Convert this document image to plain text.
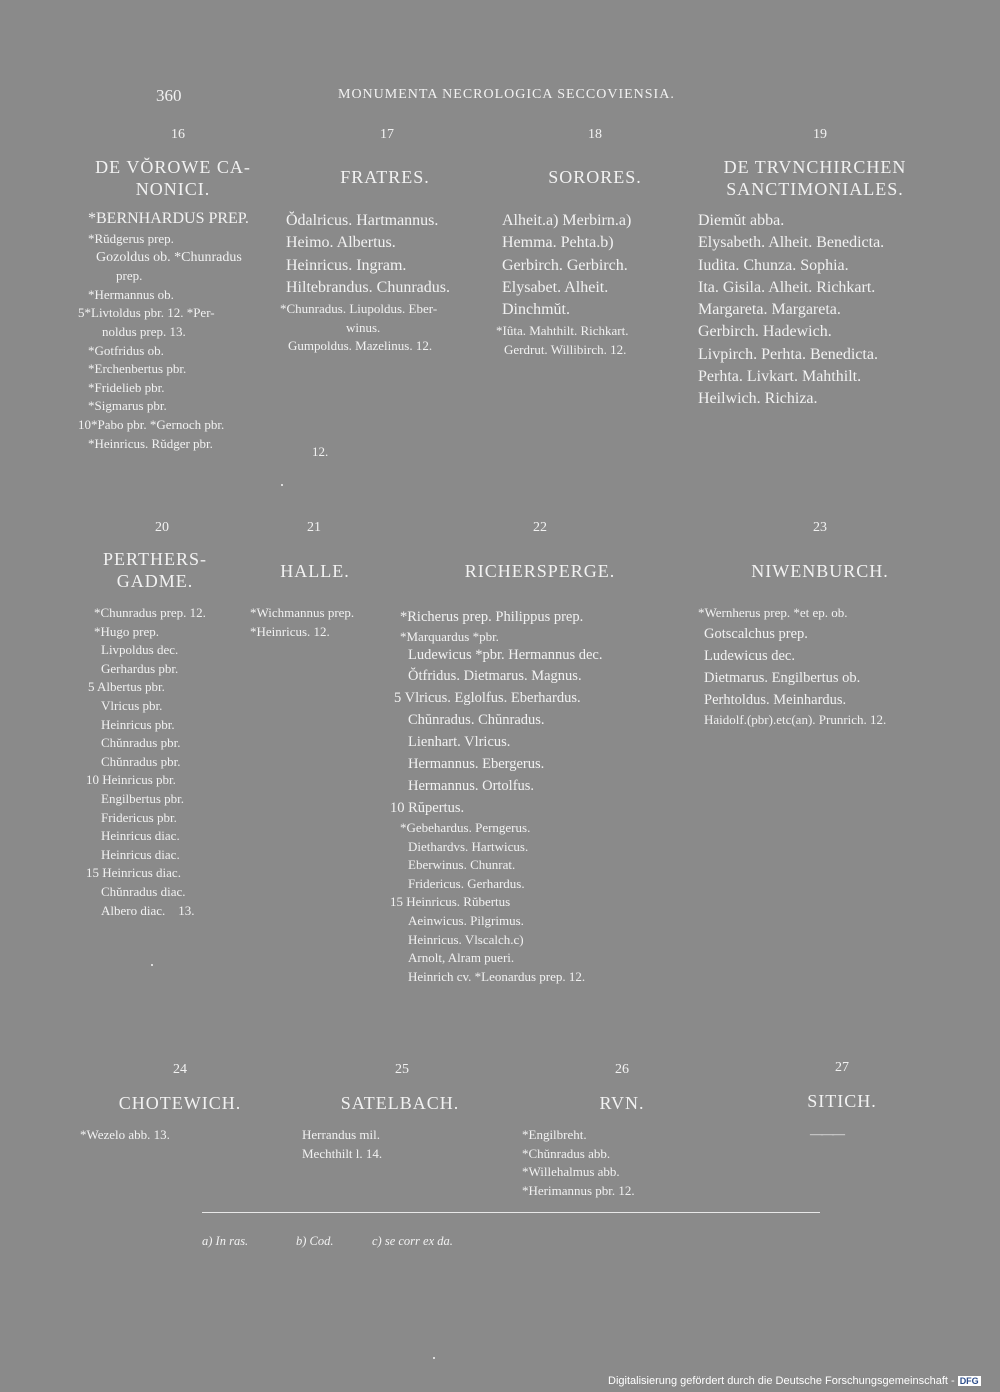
360	MONUMENTA NECROLOGICA SECCOVIENSIA.
16	17	18	19
DE VŎROWE CA-NONICI.
FRATRES.	SORORES.	DE TRVNCHIRCHEN SANCTIMONIALES.
*BERNHARDUS PREP.
*Rŭdgerus prep.
Gozoldus ob. *Chunradus
prep.
*Hermannus ob.
5*Livtoldus pbr. 12. *Per-
noldus prep. 13.
*Gotfridus ob.
*Erchenbertus pbr.
*Fridelieb pbr.
*Sigmarus pbr.
10*Pabo pbr. *Gernoch pbr.
*Heinricus. Rŭdger pbr.
Ŏdalricus. Hartmannus.
Heimo. Albertus.
Heinricus. Ingram.
Hiltebrandus. Chunradus.
*Chunradus. Liupoldus. Eber-
winus.
Gumpoldus. Mazelinus. 12.
12.
Alheit.a) Merbirn.a)
Hemma. Pehta.b)
Gerbirch. Gerbirch.
Elysabet. Alheit.
Dinchmŭt.
*Iûta. Mahthilt. Richkart.
Gerdrut. Willibirch. 12.
Diemŭt abba.
Elysabeth. Alheit. Benedicta.
Iudita. Chunza. Sophia.
Ita. Gisila. Alheit. Richkart.
Margareta. Margareta.
Gerbirch. Hadewich.
Livpirch. Perhta. Benedicta.
Perhta. Livkart. Mahthilt.
Heilwich. Richiza.
20	21	22	23
PERTHERS-GADME.	HALLE.	RICHERSPERGE.	NIWENBURCH.
*Chunradus prep. 12.
*Hugo prep.
Livpoldus dec.
Gerhardus pbr.
5 Albertus pbr.
Vlricus pbr.
Heinricus pbr.
Chŭnradus pbr.
Chŭnradus pbr.
10 Heinricus pbr.
Engilbertus pbr.
Fridericus pbr.
Heinricus diac.
Heinricus diac.
15 Heinricus diac.
Chŭnradus diac.
Albero diac.    13.
*Wichmannus prep.
*Heinricus. 12.
*Richerus prep. Philippus prep.
*Marquardus *pbr.
Ludewicus *pbr. Hermannus dec.
Ŏtfridus. Dietmarus. Magnus.
5 Vlricus. Eglolfus. Eberhardus.
Chŭnradus. Chŭnradus.
Lienhart. Vlricus.
Hermannus. Ebergerus.
Hermannus. Ortolfus.
10 Rŭpertus.
*Gebehardus. Perngerus.
Diethardvs. Hartwicus.
Eberwinus. Chunrat.
Fridericus. Gerhardus.
15 Heinricus. Rŭbertus
Aeinwicus. Pilgrimus.
Heinricus. Vlscalch.c)
Arnolt, Alram pueri.
Heinrich cv. *Leonardus prep. 12.
*Wernherus prep. *et ep. ob.
Gotscalchus prep.
Ludewicus dec.
Dietmarus. Engilbertus ob.
Perhtoldus. Meinhardus.
Haidolf.(pbr).etc(an). Prunrich. 12.
24	25	26	27
CHOTEWICH.	SATELBACH.	RVN.	SITICH.
*Wezelo abb. 13.	Herrandus mil.
Mechthilt l. 14.
*Engilbreht.
*Chŭnradus abb.
*Willehalmus abb.
*Herimannus pbr. 12.
———
a) In ras.	b) Cod.	c) se corr ex da.
Digitalisierung gefördert durch die Deutsche Forschungsgemeinschaft - DFG
